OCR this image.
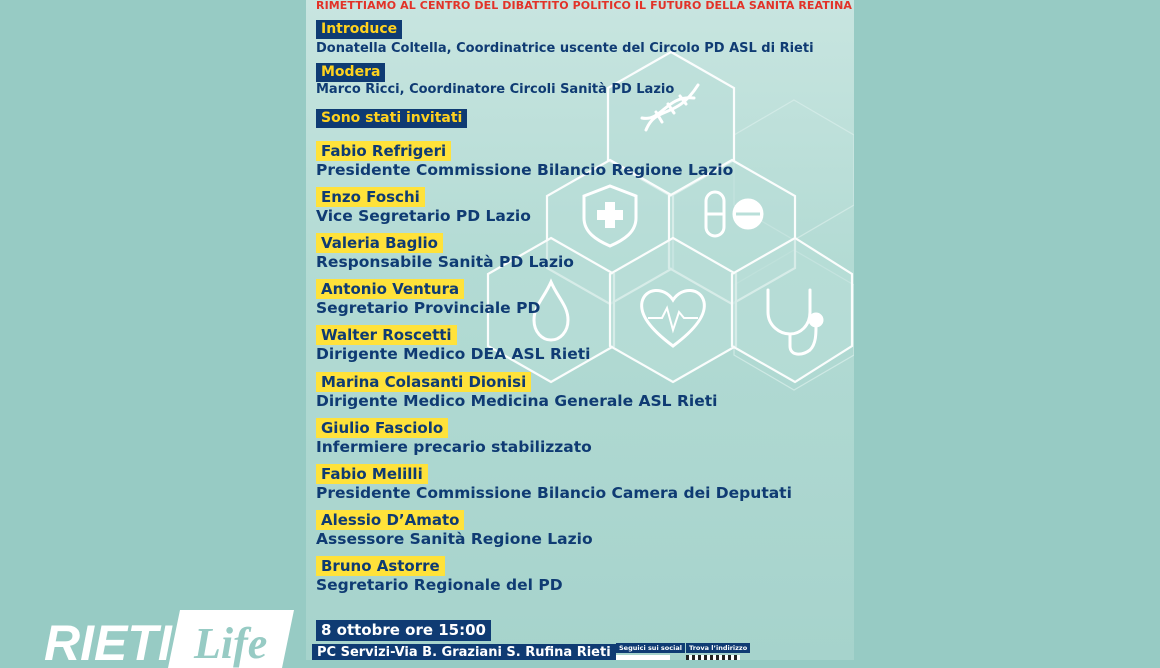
RIMETTIAMO AL CENTRO DEL DIBATTITO POLITICO IL FUTURO DELLA SANITÀ REATINA
Introduce
Donatella Coltella, Coordinatrice uscente del Circolo PD ASL di Rieti
Modera
Marco Ricci, Coordinatore Circoli Sanità PD Lazio
Sono stati invitati
Fabio Refrigeri
Presidente Commissione Bilancio Regione Lazio
Enzo Foschi
Vice Segretario PD Lazio
Valeria Baglio
Responsabile Sanità PD Lazio
Antonio Ventura
Segretario Provinciale PD
Walter Roscetti
Dirigente Medico DEA ASL Rieti
Marina Colasanti Dionisi
Dirigente Medico Medicina Generale ASL Rieti
Giulio Fasciolo
Infermiere precario stabilizzato
Fabio Melilli
Presidente Commissione Bilancio Camera dei Deputati
Alessio D’Amato
Assessore Sanità Regione Lazio
Bruno Astorre
Segretario Regionale del PD
8 ottobre ore 15:00
PC Servizi-Via B. Graziani S. Rufina Rieti	Seguici sui social	Trova l’indirizzo
RIETI Life
